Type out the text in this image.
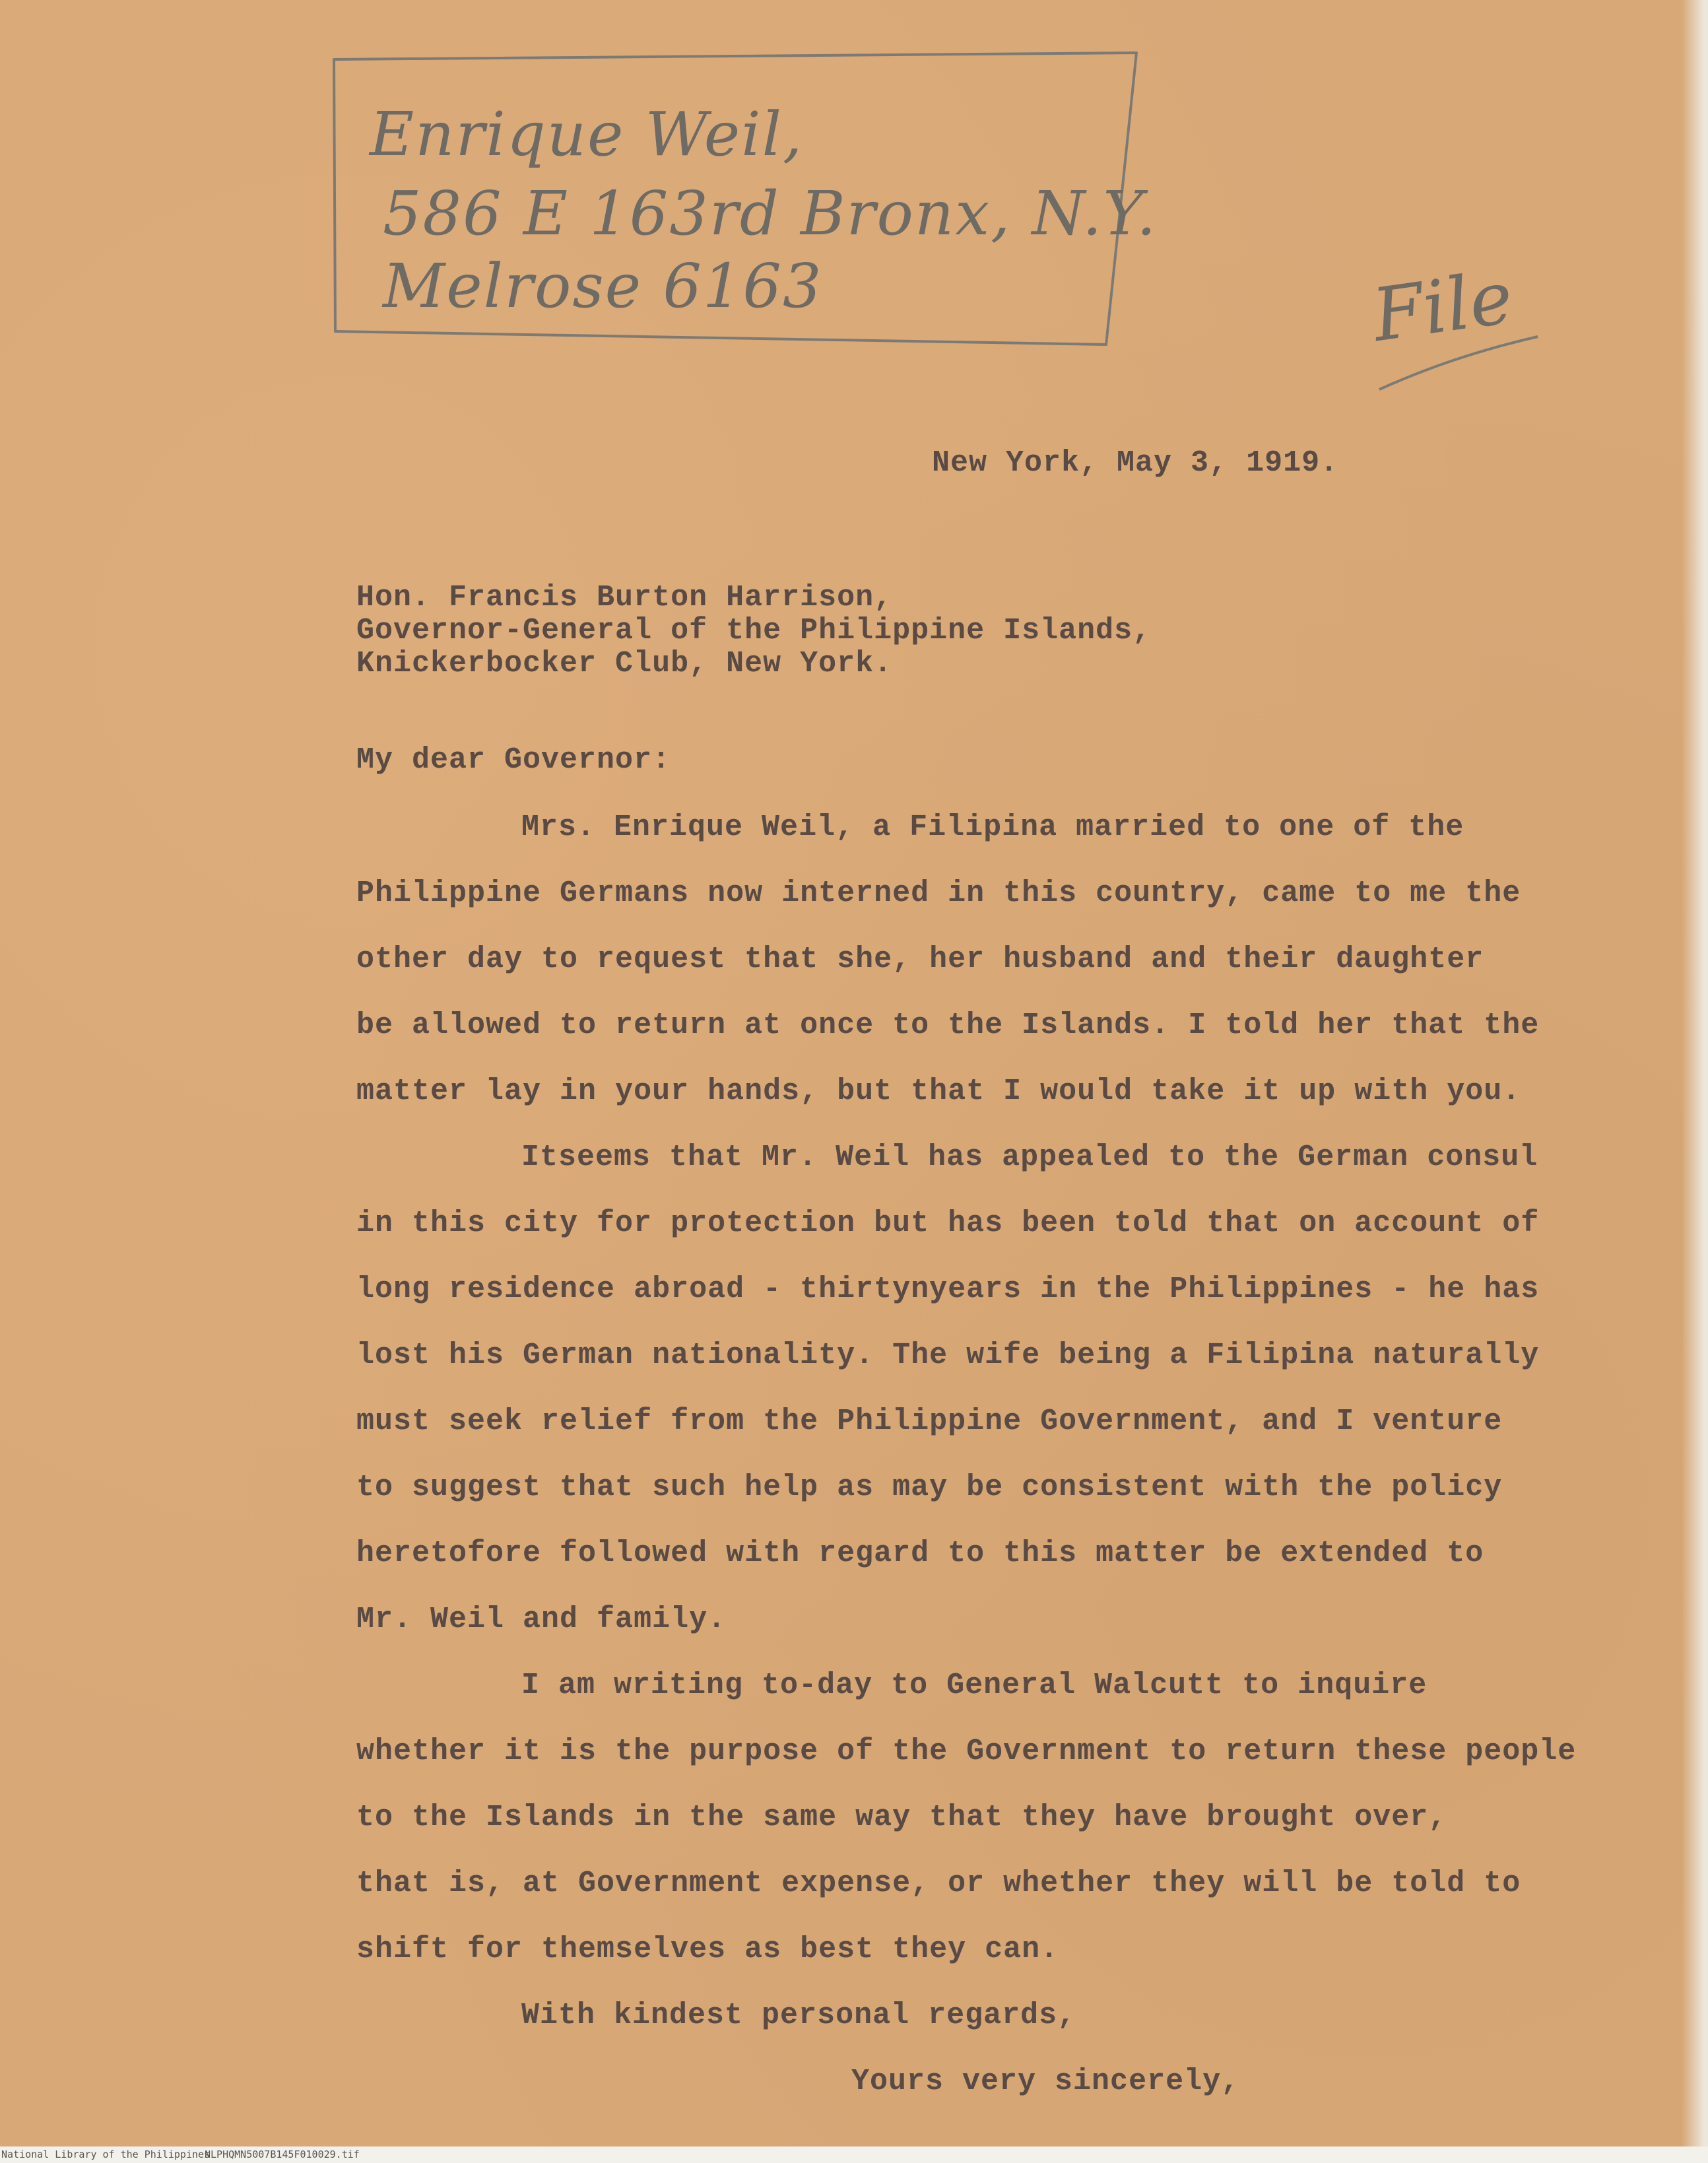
Enrique Weil,
586 E 163rd Bronx, N.Y.
Melrose 6163	File
New York, May 3, 1919.
Hon. Francis Burton Harrison,
Governor-General of the Philippine Islands,
Knickerbocker Club, New York.
My dear Governor:
Mrs. Enrique Weil, a Filipina married to one of the
Philippine Germans now interned in this country, came to me the
other day to request that she, her husband and their daughter
be allowed to return at once to the Islands. I told her that the
matter lay in your hands, but that I would take it up with you.
Itseems that Mr. Weil has appealed to the German consul
in this city for protection but has been told that on account of
long residence abroad - thirtynyears in the Philippines - he has
lost his German nationality. The wife being a Filipina naturally
must seek relief from the Philippine Government, and I venture
to suggest that such help as may be consistent with the policy
heretofore followed with regard to this matter be extended to
Mr. Weil and family.
I am writing to-day to General Walcutt to inquire
whether it is the purpose of the Government to return these people
to the Islands in the same way that they have brought over,
that is, at Government expense, or whether they will be told to
shift for themselves as best they can.
With kindest personal regards,
Yours very sincerely,
National Library of the Philippines
NLPHQMN5007B145F010029.tif
